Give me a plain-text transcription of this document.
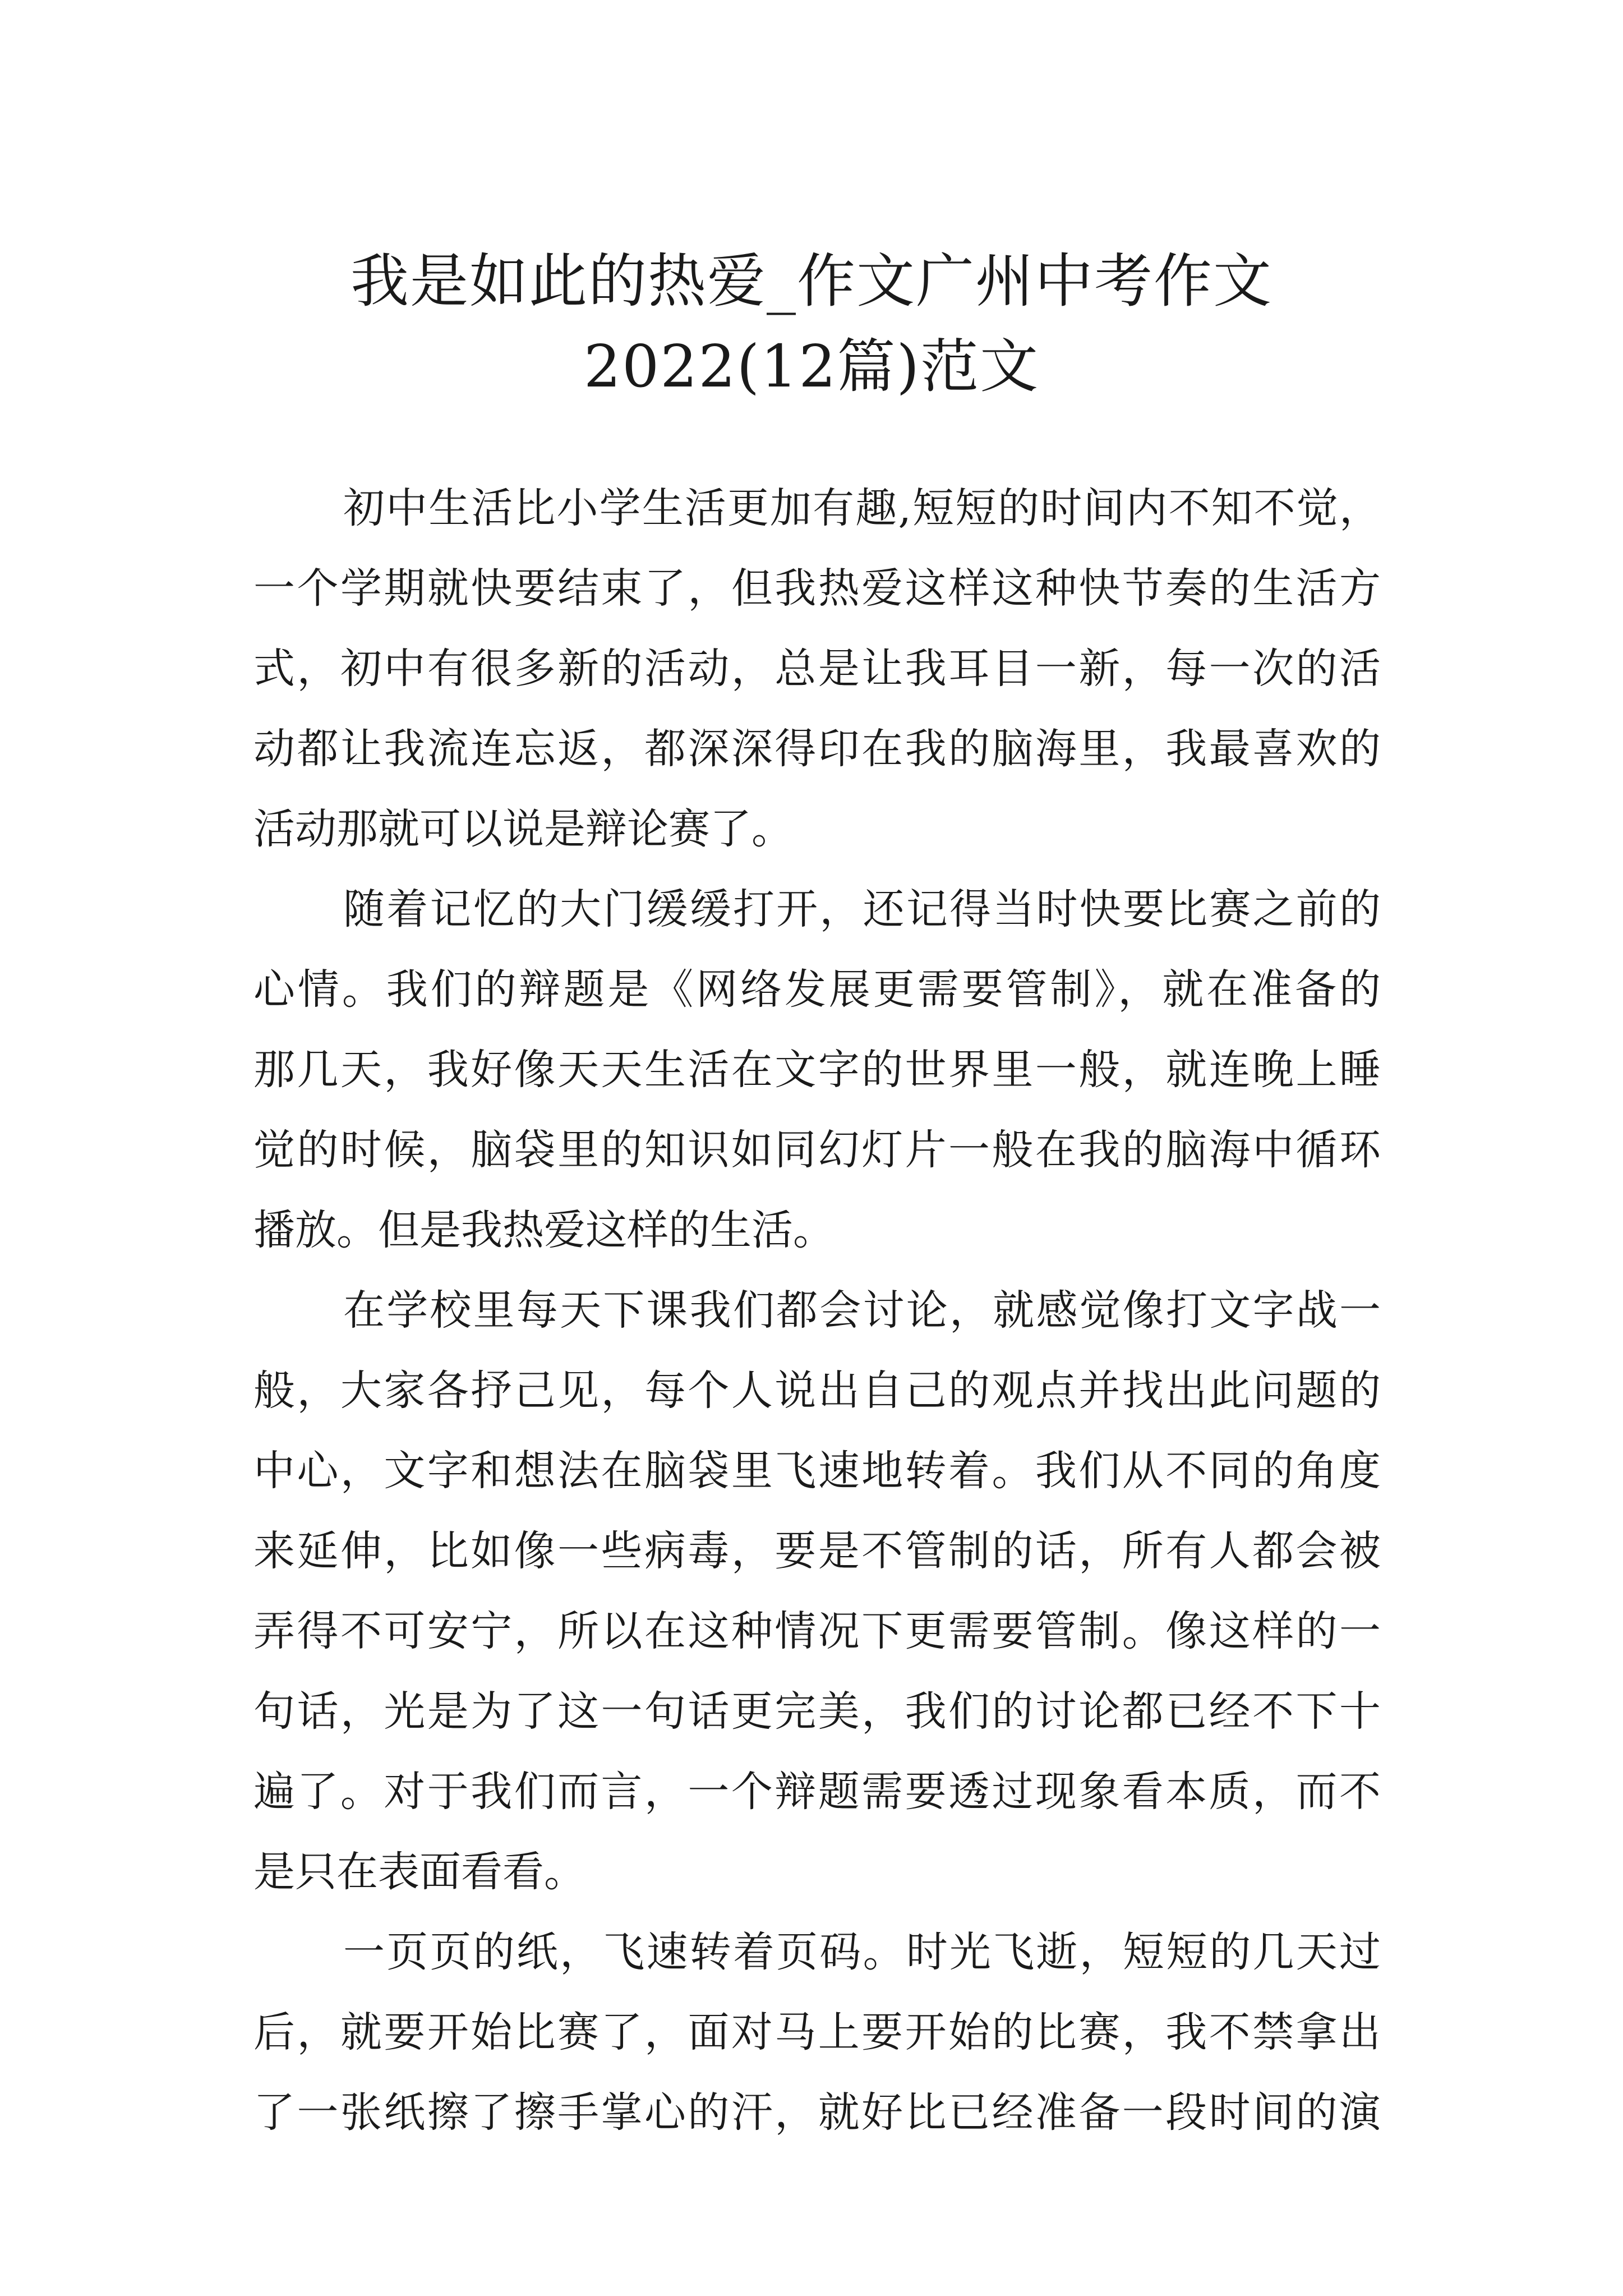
我是如此的热爱_作文广州中考作文
2022(12篇)范文
初中生活比小学生活更加有趣,短短的时间内不知不觉，
一个学期就快要结束了，但我热爱这样这种快节奏的生活方
式，初中有很多新的活动，总是让我耳目一新，每一次的活
动都让我流连忘返，都深深得印在我的脑海里，我最喜欢的
活动那就可以说是辩论赛了。
随着记忆的大门缓缓打开，还记得当时快要比赛之前的
心情。我们的辩题是《网络发展更需要管制》，就在准备的
那几天，我好像天天生活在文字的世界里一般，就连晚上睡
觉的时候，脑袋里的知识如同幻灯片一般在我的脑海中循环
播放。但是我热爱这样的生活。
在学校里每天下课我们都会讨论，就感觉像打文字战一
般，大家各抒己见，每个人说出自己的观点并找出此问题的
中心，文字和想法在脑袋里飞速地转着。我们从不同的角度
来延伸，比如像一些病毒，要是不管制的话，所有人都会被
弄得不可安宁，所以在这种情况下更需要管制。像这样的一
句话，光是为了这一句话更完美，我们的讨论都已经不下十
遍了。对于我们而言，一个辩题需要透过现象看本质，而不
是只在表面看看。
一页页的纸，飞速转着页码。时光飞逝，短短的几天过
后，就要开始比赛了，面对马上要开始的比赛，我不禁拿出
了一张纸擦了擦手掌心的汗，就好比已经准备一段时间的演
